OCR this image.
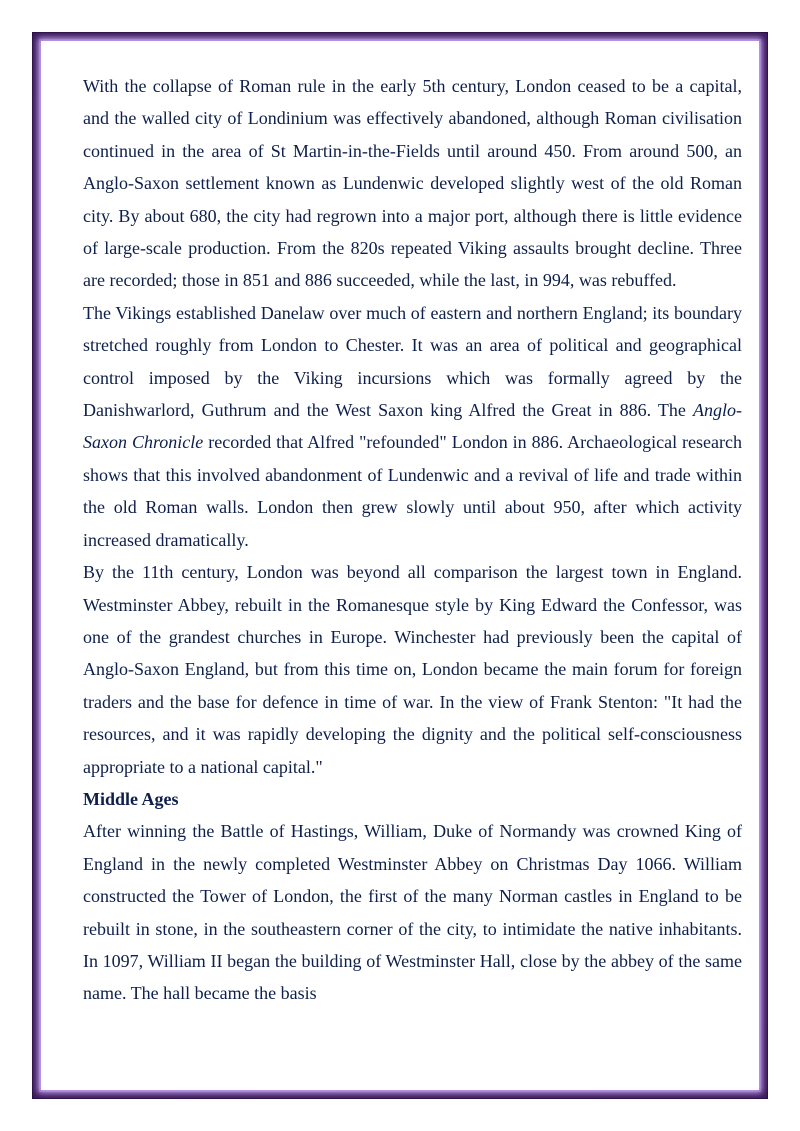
With the collapse of Roman rule in the early 5th century, London ceased to be a capital, and the walled city of Londinium was effectively abandoned, although Roman civilisation continued in the area of St Martin-in-the-Fields until around 450. From around 500, an Anglo-Saxon settlement known as Lundenwic developed slightly west of the old Roman city. By about 680, the city had regrown into a major port, although there is little evidence of large-scale production. From the 820s repeated Viking assaults brought decline. Three are recorded; those in 851 and 886 succeeded, while the last, in 994, was rebuffed.

The Vikings established Danelaw over much of eastern and northern England; its boundary stretched roughly from London to Chester. It was an area of political and geographical control imposed by the Viking incursions which was formally agreed by the Danishwarlord, Guthrum and the West Saxon king Alfred the Great in 886. The Anglo-Saxon Chronicle recorded that Alfred "refounded" London in 886. Archaeological research shows that this involved abandonment of Lundenwic and a revival of life and trade within the old Roman walls. London then grew slowly until about 950, after which activity increased dramatically.

By the 11th century, London was beyond all comparison the largest town in England. Westminster Abbey, rebuilt in the Romanesque style by King Edward the Confessor, was one of the grandest churches in Europe. Winchester had previously been the capital of Anglo-Saxon England, but from this time on, London became the main forum for foreign traders and the base for defence in time of war. In the view of Frank Stenton: "It had the resources, and it was rapidly developing the dignity and the political self-consciousness appropriate to a national capital."

Middle Ages

After winning the Battle of Hastings, William, Duke of Normandy was crowned King of England in the newly completed Westminster Abbey on Christmas Day 1066. William constructed the Tower of London, the first of the many Norman castles in England to be rebuilt in stone, in the southeastern corner of the city, to intimidate the native inhabitants. In 1097, William II began the building of Westminster Hall, close by the abbey of the same name. The hall became the basis
